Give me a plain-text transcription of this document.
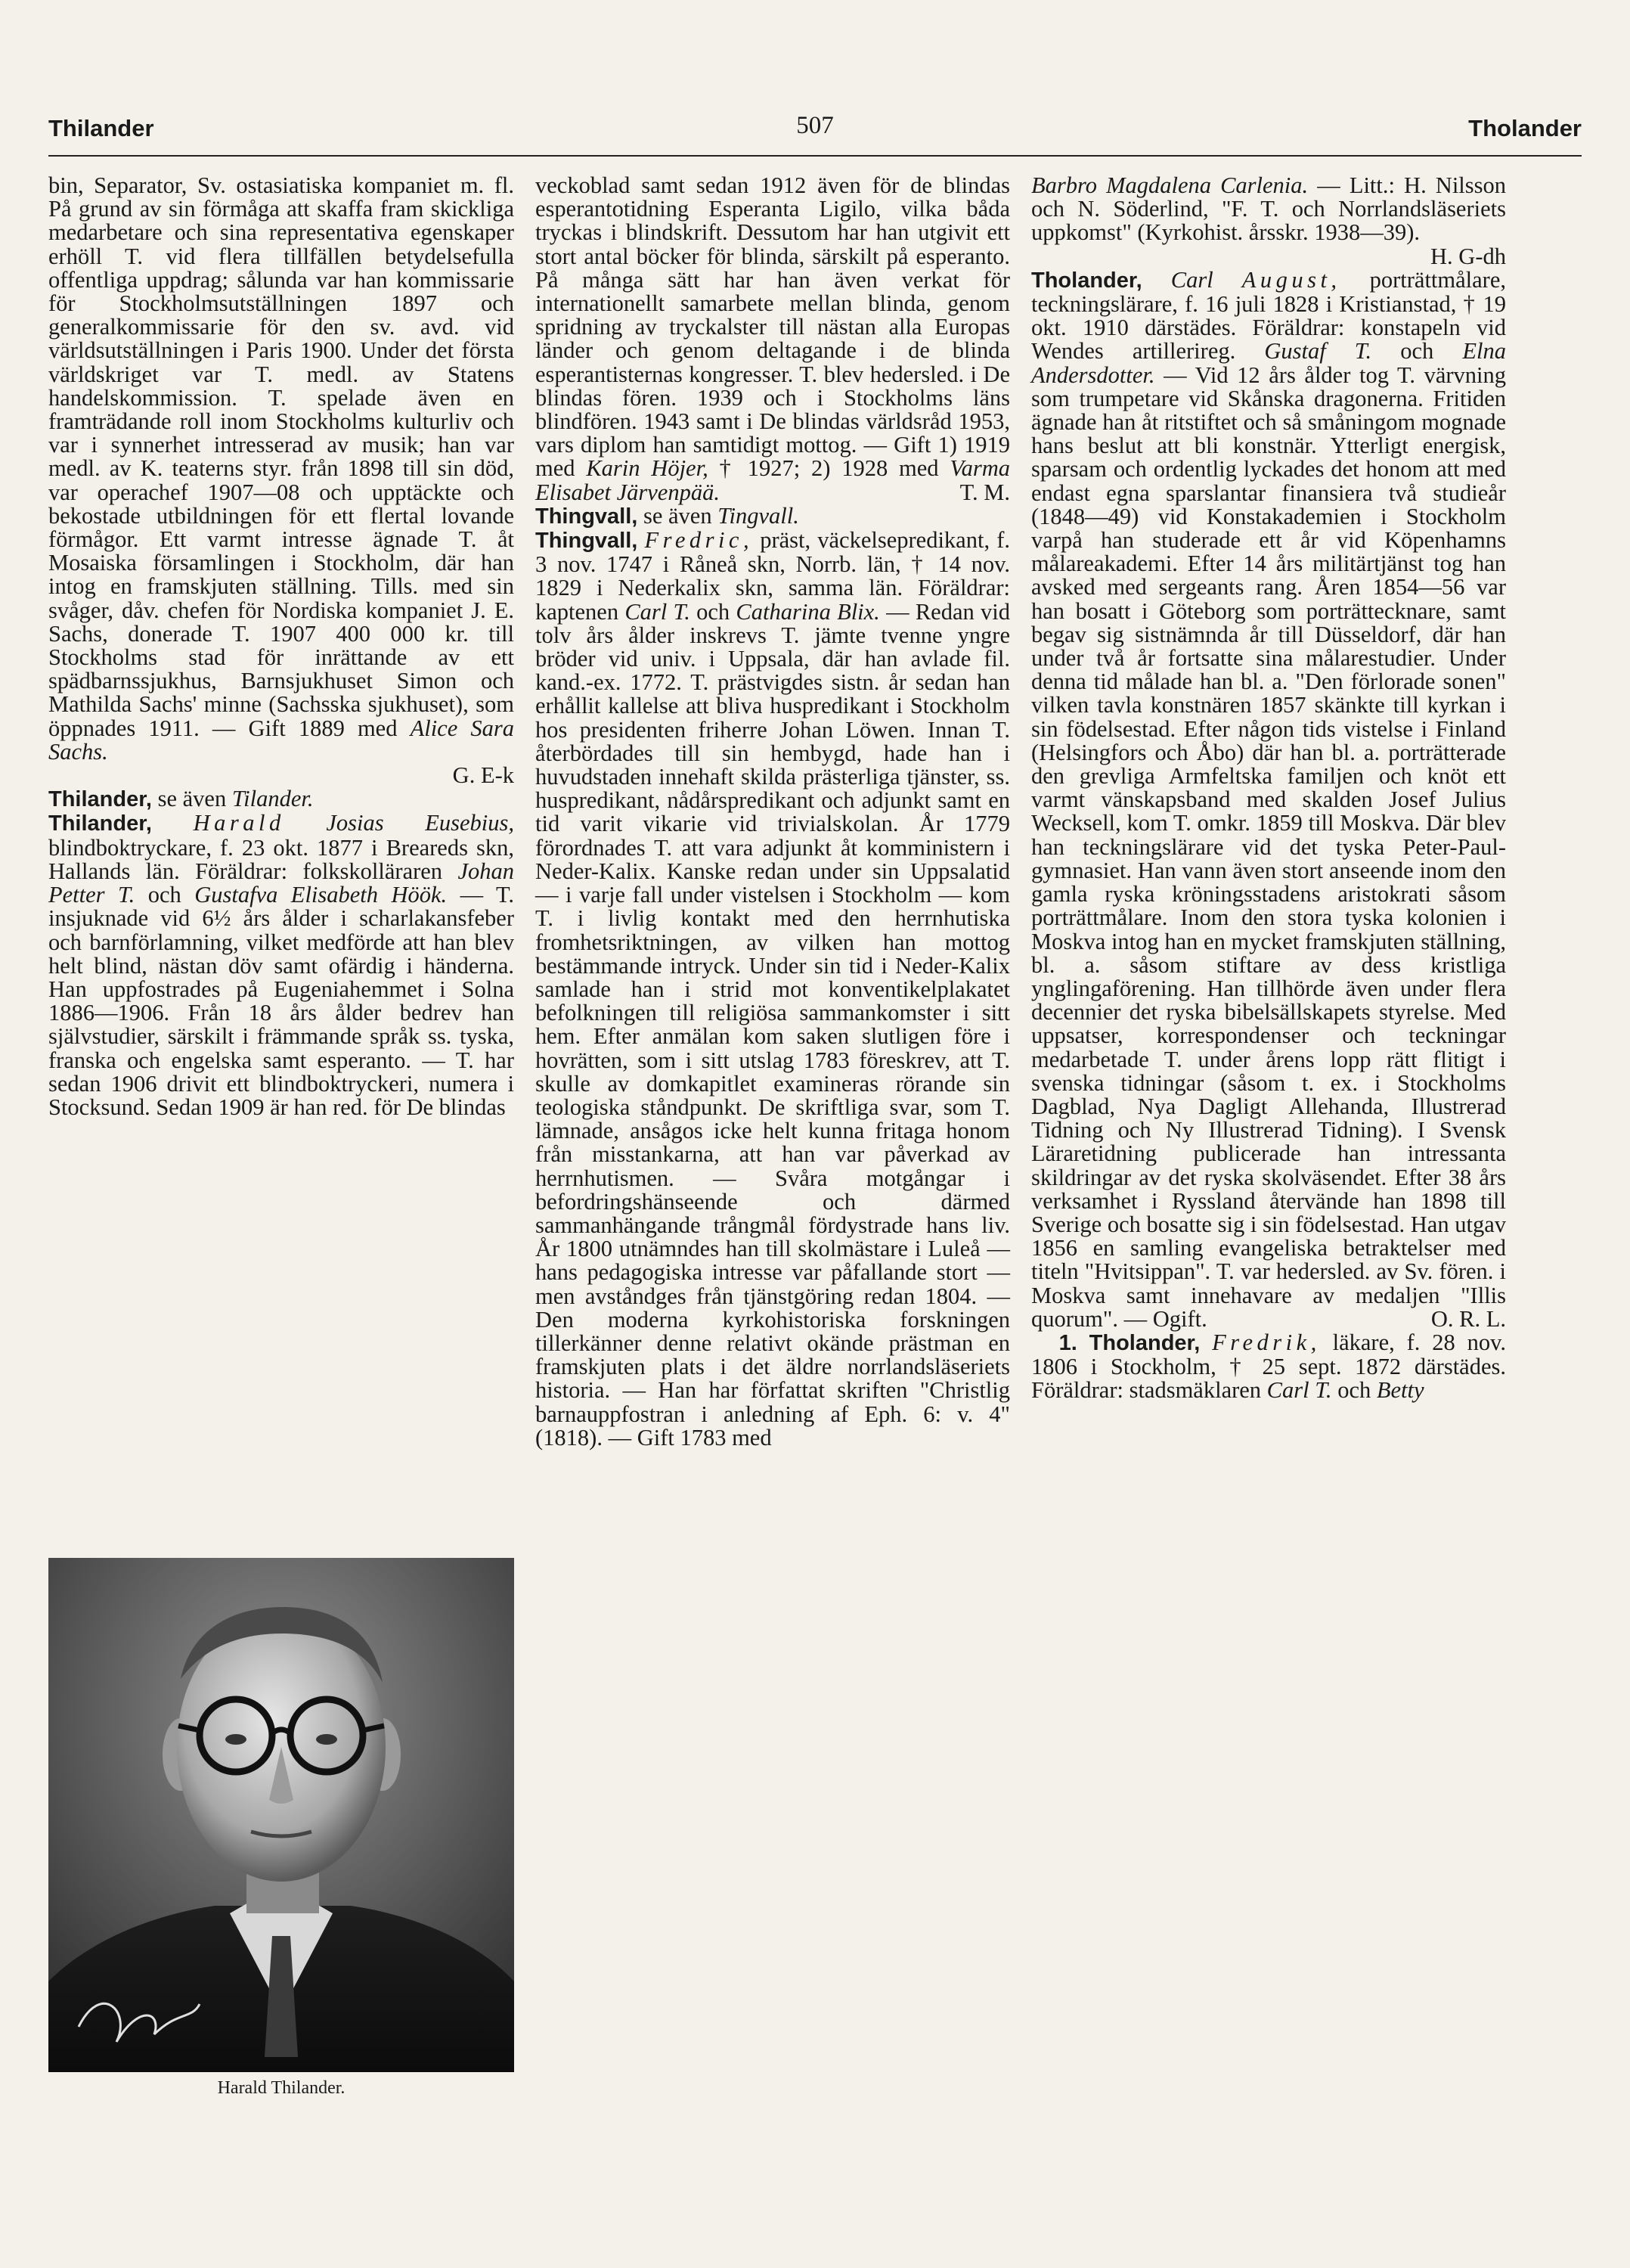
Thilander	507	Tholander

bin, Separator, Sv. ostasiatiska kompaniet m. fl. På grund av sin förmåga att skaffa fram skickliga medarbetare och sina representativa egenskaper erhöll T. vid flera tillfällen betydelsefulla offentliga uppdrag; sålunda var han kommissarie för Stockholmsutställningen 1897 och generalkommissarie för den sv. avd. vid världsutställningen i Paris 1900. Under det första världskriget var T. medl. av Statens handelskommission. T. spelade även en framträdande roll inom Stockholms kulturliv och var i synnerhet intresserad av musik; han var medl. av K. teaterns styr. från 1898 till sin död, var operachef 1907—08 och upptäckte och bekostade utbildningen för ett flertal lovande förmågor. Ett varmt intresse ägnade T. åt Mosaiska församlingen i Stockholm, där han intog en framskjuten ställning. Tills. med sin svåger, dåv. chefen för Nordiska kompaniet J. E. Sachs, donerade T. 1907 400 000 kr. till Stockholms stad för inrättande av ett spädbarnssjukhus, Barnsjukhuset Simon och Mathilda Sachs' minne (Sachsska sjukhuset), som öppnades 1911. — Gift 1889 med Alice Sara Sachs.

G. E-k

Thilander, se även Tilander.

Thilander, Harald Josias Eusebius, blindboktryckare, f. 23 okt. 1877 i Breareds skn, Hallands län. Föräldrar: folkskolläraren Johan Petter T. och Gustafva Elisabeth Höök. — T. insjuknade vid 6½ års ålder i scharlakansfeber och barnförlamning, vilket medförde att han blev helt blind, nästan döv samt ofärdig i händerna. Han uppfostrades på Eugeniahemmet i Solna 1886—1906. Från 18 års ålder bedrev han självstudier, särskilt i främmande språk ss. tyska, franska och engelska samt esperanto. — T. har sedan 1906 drivit ett blindboktryckeri, numera i Stocksund. Sedan 1909 är han red. för De blindas

Harald Thilander.

veckoblad samt sedan 1912 även för de blindas esperantotidning Esperanta Ligilo, vilka båda tryckas i blindskrift. Dessutom har han utgivit ett stort antal böcker för blinda, särskilt på esperanto. På många sätt har han även verkat för internationellt samarbete mellan blinda, genom spridning av tryckalster till nästan alla Europas länder och genom deltagande i de blinda esperantisternas kongresser. T. blev hedersled. i De blindas fören. 1939 och i Stockholms läns blindfören. 1943 samt i De blindas världsråd 1953, vars diplom han samtidigt mottog. — Gift 1) 1919 med Karin Höjer, † 1927; 2) 1928 med Varma Elisabet Järvenpää.	T. M.

Thingvall, se även Tingvall.

Thingvall, Fredric, präst, väckelsepredikant, f. 3 nov. 1747 i Råneå skn, Norrb. län, † 14 nov. 1829 i Nederkalix skn, samma län. Föräldrar: kaptenen Carl T. och Catharina Blix. — Redan vid tolv års ålder inskrevs T. jämte tvenne yngre bröder vid univ. i Uppsala, där han avlade fil. kand.-ex. 1772. T. prästvigdes sistn. år sedan han erhållit kallelse att bliva huspredikant i Stockholm hos presidenten friherre Johan Löwen. Innan T. återbördades till sin hembygd, hade han i huvudstaden innehaft skilda prästerliga tjänster, ss. huspredikant, nådårspredikant och adjunkt samt en tid varit vikarie vid trivialskolan. År 1779 förordnades T. att vara adjunkt åt komministern i Neder-Kalix. Kanske redan under sin Uppsalatid — i varje fall under vistelsen i Stockholm — kom T. i livlig kontakt med den herrnhutiska fromhetsriktningen, av vilken han mottog bestämmande intryck. Under sin tid i Neder-Kalix samlade han i strid mot konventikelplakatet befolkningen till religiösa sammankomster i sitt hem. Efter anmälan kom saken slutligen före i hovrätten, som i sitt utslag 1783 föreskrev, att T. skulle av domkapitlet examineras rörande sin teologiska ståndpunkt. De skriftliga svar, som T. lämnade, ansågos icke helt kunna fritaga honom från misstankarna, att han var påverkad av herrnhutismen. — Svåra motgångar i befordringshänseende och därmed sammanhängande trångmål fördystrade hans liv. År 1800 utnämndes han till skolmästare i Luleå — hans pedagogiska intresse var påfallande stort — men avståndges från tjänstgöring redan 1804. — Den moderna kyrkohistoriska forskningen tillerkänner denne relativt okände prästman en framskjuten plats i det äldre norrlandsläseriets historia. — Han har författat skriften "Christlig barnauppfostran i anledning af Eph. 6: v. 4" (1818). — Gift 1783 med

Barbro Magdalena Carlenia. — Litt.: H. Nilsson och N. Söderlind, "F. T. och Norrlandsläseriets uppkomst" (Kyrkohist. årsskr. 1938—39).

H. G-dh

Tholander, Carl August, porträttmålare, teckningslärare, f. 16 juli 1828 i Kristianstad, † 19 okt. 1910 därstädes. Föräldrar: konstapeln vid Wendes artillerireg. Gustaf T. och Elna Andersdotter. — Vid 12 års ålder tog T. värvning som trumpetare vid Skånska dragonerna. Fritiden ägnade han åt ritstiftet och så småningom mognade hans beslut att bli konstnär. Ytterligt energisk, sparsam och ordentlig lyckades det honom att med endast egna sparslantar finansiera två studieår (1848—49) vid Konstakademien i Stockholm varpå han studerade ett år vid Köpenhamns målareakademi. Efter 14 års militärtjänst tog han avsked med sergeants rang. Åren 1854—56 var han bosatt i Göteborg som porträttecknare, samt begav sig sistnämnda år till Düsseldorf, där han under två år fortsatte sina målarestudier. Under denna tid målade han bl. a. "Den förlorade sonen" vilken tavla konstnären 1857 skänkte till kyrkan i sin födelsestad. Efter någon tids vistelse i Finland (Helsingfors och Åbo) där han bl. a. porträtterade den grevliga Armfeltska familjen och knöt ett varmt vänskapsband med skalden Josef Julius Wecksell, kom T. omkr. 1859 till Moskva. Där blev han teckningslärare vid det tyska Peter-Paul-gymnasiet. Han vann även stort anseende inom den gamla ryska kröningsstadens aristokrati såsom porträttmålare. Inom den stora tyska kolonien i Moskva intog han en mycket framskjuten ställning, bl. a. såsom stiftare av dess kristliga ynglingaförening. Han tillhörde även under flera decennier det ryska bibelsällskapets styrelse. Med uppsatser, korrespondenser och teckningar medarbetade T. under årens lopp rätt flitigt i svenska tidningar (såsom t. ex. i Stockholms Dagblad, Nya Dagligt Allehanda, Illustrerad Tidning och Ny Illustrerad Tidning). I Svensk Läraretidning publicerade han intressanta skildringar av det ryska skolväsendet. Efter 38 års verksamhet i Ryssland återvände han 1898 till Sverige och bosatte sig i sin födelsestad. Han utgav 1856 en samling evangeliska betraktelser med titeln "Hvitsippan". T. var hedersled. av Sv. fören. i Moskva samt innehavare av medaljen "Illis quorum". — Ogift.	O. R. L.

1. Tholander, Fredrik, läkare, f. 28 nov. 1806 i Stockholm, † 25 sept. 1872 därstädes. Föräldrar: stadsmäklaren Carl T. och Betty
